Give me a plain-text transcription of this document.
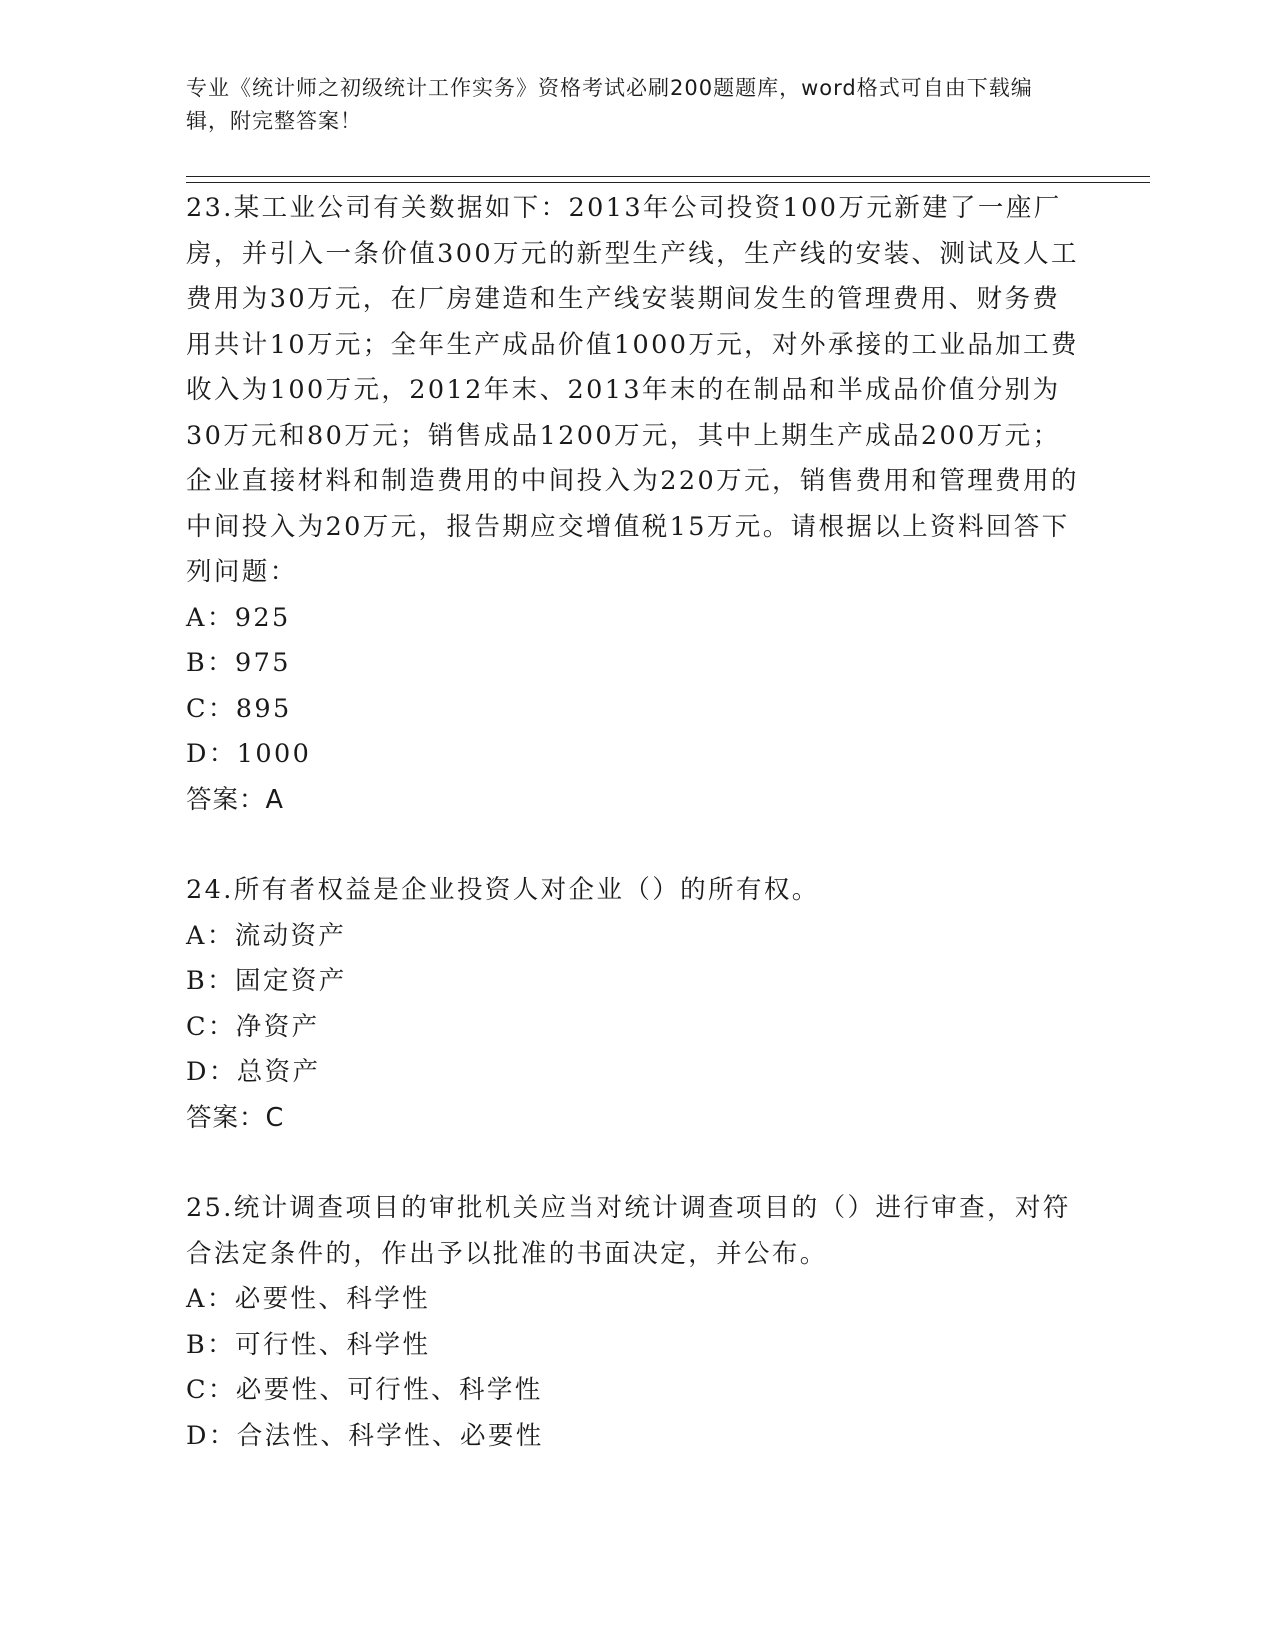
专业《统计师之初级统计工作实务》资格考试必刷200题题库，word格式可自由下载编辑，附完整答案！

23.某工业公司有关数据如下：2013年公司投资100万元新建了一座厂房，并引入一条价值300万元的新型生产线，生产线的安装、测试及人工费用为30万元，在厂房建造和生产线安装期间发生的管理费用、财务费用共计10万元；全年生产成品价值1000万元，对外承接的工业品加工费收入为100万元，2012年末、2013年末的在制品和半成品价值分别为30万元和80万元；销售成品1200万元，其中上期生产成品200万元；企业直接材料和制造费用的中间投入为220万元，销售费用和管理费用的中间投入为20万元，报告期应交增值税15万元。请根据以上资料回答下列问题：

A：925

B：975

C：895

D：1000

答案：A

24.所有者权益是企业投资人对企业（）的所有权。

A：流动资产

B：固定资产

C：净资产

D：总资产

答案：C

25.统计调查项目的审批机关应当对统计调查项目的（）进行审查，对符合法定条件的，作出予以批准的书面决定，并公布。

A：必要性、科学性

B：可行性、科学性

C：必要性、可行性、科学性

D：合法性、科学性、必要性
